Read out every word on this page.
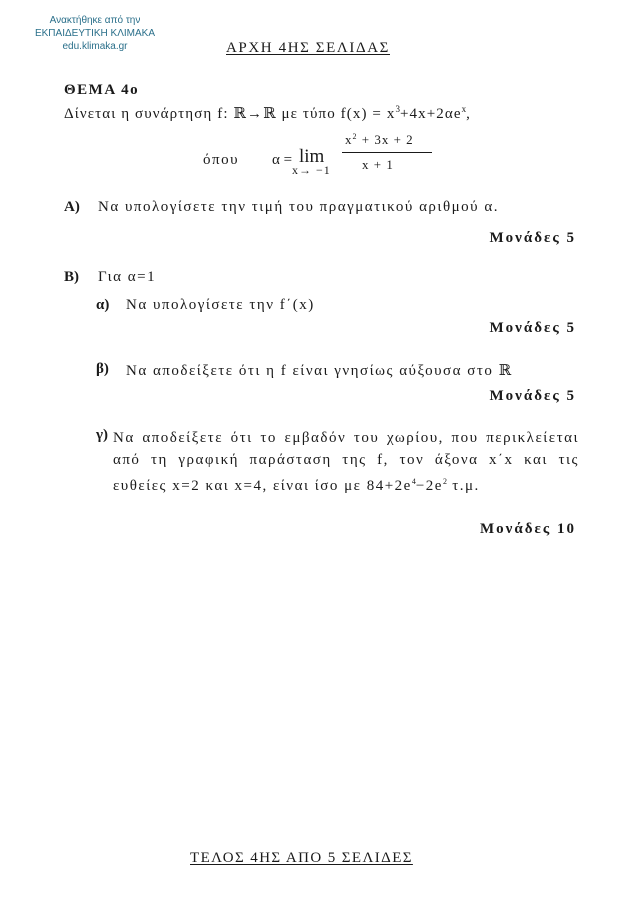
Ανακτήθηκε από την
ΕΚΠΑΙΔΕΥΤΙΚΗ ΚΛΙΜΑΚΑ
edu.klimaka.gr	ΑΡΧΗ 4ΗΣ ΣΕΛΙΔΑΣ
ΘΕΜΑ 4ο
Δίνεται η συνάρτηση f: ℝ→ℝ με τύπο $f(x) = x^3+4x+2\alpha e^x$,
όπου α = lim
x→ −1
$x^2 + 3x + 2$
x + 1
Α) Να υπολογίσετε την τιμή του πραγματικού αριθμού α.
Μονάδες 5
Β) Για α=1
α) Να υπολογίσετε την f΄(x)
Μονάδες 5
β) Να αποδείξετε ότι η f είναι γνησίως αύξουσα στο ℝ
Μονάδες 5
γ) Να αποδείξετε ότι το εμβαδόν του χωρίου, που περικλείεται από τη γραφική παράσταση της f, τον άξονα x΄x και τις ευθείες x=2 και x=4, είναι ίσο με $84+2e^4-2e^2$ τ.μ.
Μονάδες 10
ΤΕΛΟΣ 4ΗΣ ΑΠΟ 5 ΣΕΛΙΔΕΣ
